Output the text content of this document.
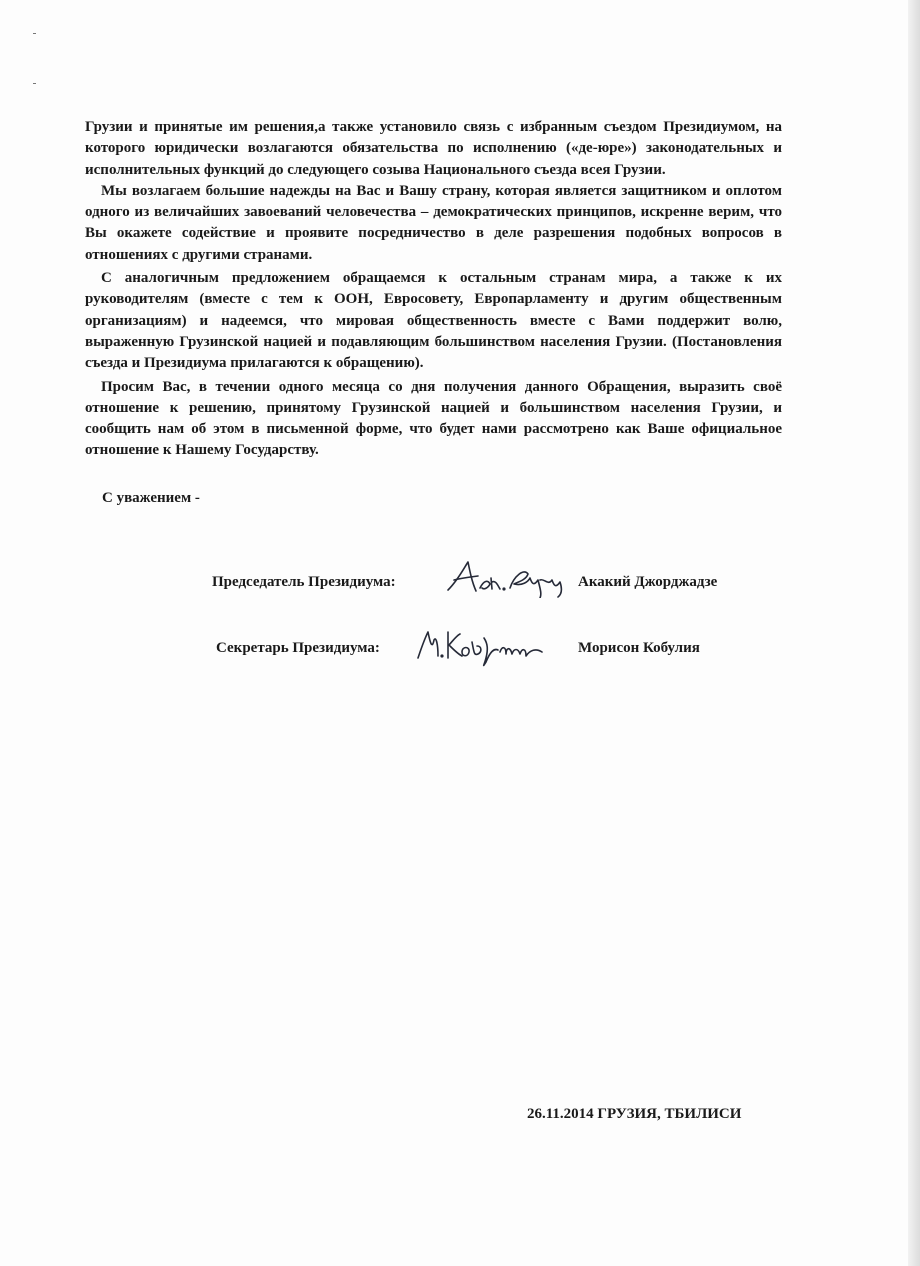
Грузии и принятые им решения,а также установило связь с избранным съездом Президиумом, на которого юридически возлагаются обязательства по исполнению («де-юре») законодательных и исполнительных функций до следующего созыва Национального съезда всея Грузии.

Мы возлагаем большие надежды на Вас и Вашу страну, которая является защитником и оплотом одного из величайших завоеваний человечества – демократических принципов, искренне верим, что Вы окажете содействие и проявите посредничество в деле разрешения подобных вопросов в отношениях с другими странами.

С аналогичным предложением обращаемся к остальным странам мира, а также к их руководителям (вместе с тем к ООН, Евросовету, Европарламенту и другим общественным организациям) и надеемся, что мировая общественность вместе с Вами поддержит волю, выраженную Грузинской нацией и подавляющим большинством населения Грузии. (Постановления съезда и Президиума прилагаются к обращению).

Просим Вас, в течении одного месяца со дня получения данного Обращения, выразить своё отношение к решению, принятому Грузинской нацией и большинством населения Грузии, и сообщить нам об этом в письменной форме, что будет нами рассмотрено как Ваше официальное отношение к Нашему Государству.

С уважением -
Председатель Президиума:	Акакий Джорджадзе
Секретарь Президиума:	Морисон Кобулия
26.11.2014 ГРУЗИЯ, ТБИЛИСИ
